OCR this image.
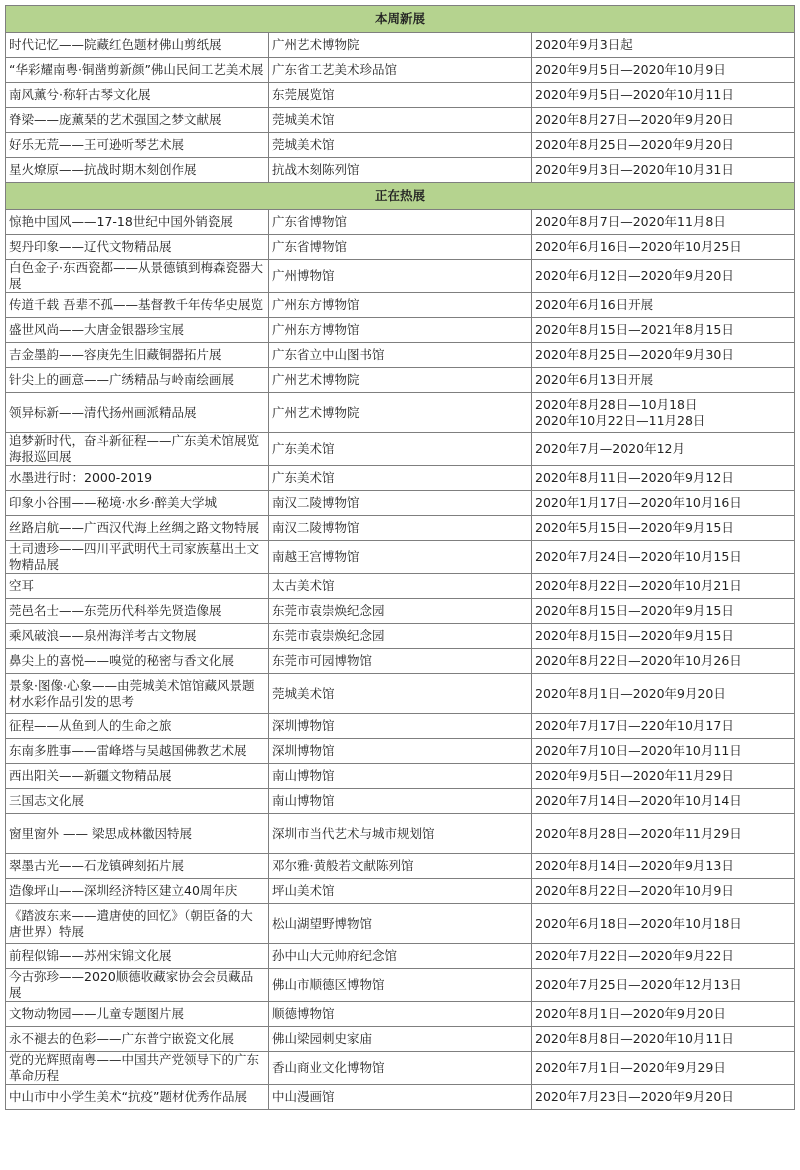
本周新展		
时代记忆——院藏红色题材佛山剪纸展	广州艺术博物院	2020年9月3日起

“华彩耀南粤·铜凿剪新颜”佛山民间工艺美术展	广东省工艺美术珍品馆	2020年9月5日—2020年10月9日

南风薰兮·称轩古琴文化展	东莞展览馆	2020年9月5日—2020年10月11日

脊梁——庞薰琹的艺术强国之梦文献展	莞城美术馆	2020年8月27日—2020年9月20日

好乐无荒——王可逊听琴艺术展	莞城美术馆	2020年8月25日—2020年9月20日

星火燎原——抗战时期木刻创作展	抗战木刻陈列馆	2020年9月3日—2020年10月31日

正在热展		
惊艳中国风——17-18世纪中国外销瓷展	广东省博物馆	2020年8月7日—2020年11月8日

契丹印象——辽代文物精品展	广东省博物馆	2020年6月16日—2020年10月25日

白色金子·东西瓷都——从景德镇到梅森瓷器大展	广州博物馆	2020年6月12日—2020年9月20日

传道千载 吾辈不孤——基督教千年传华史展览	广州东方博物馆	2020年6月16日开展

盛世风尚——大唐金银器珍宝展	广州东方博物馆	2020年8月15日—2021年8月15日

吉金墨韵——容庚先生旧藏铜器拓片展	广东省立中山图书馆	2020年8月25日—2020年9月30日

针尖上的画意——广绣精品与岭南绘画展	广州艺术博物院	2020年6月13日开展

领异标新——清代扬州画派精品展	广州艺术博物院	2020年8月28日—10月18日
2020年10月22日—11月28日

追梦新时代，奋斗新征程——广东美术馆展览海报巡回展	广东美术馆	2020年7月—2020年12月

水墨进行时：2000-2019	广东美术馆	2020年8月11日—2020年9月12日

印象小谷围——秘境·水乡·醉美大学城	南汉二陵博物馆	2020年1月17日—2020年10月16日

丝路启航——广西汉代海上丝绸之路文物特展	南汉二陵博物馆	2020年5月15日—2020年9月15日

土司遗珍——四川平武明代土司家族墓出土文物精品展	南越王宫博物馆	2020年7月24日—2020年10月15日

空耳	太古美术馆	2020年8月22日—2020年10月21日

莞邑名士——东莞历代科举先贤造像展	东莞市袁崇焕纪念园	2020年8月15日—2020年9月15日

乘风破浪——泉州海洋考古文物展	东莞市袁崇焕纪念园	2020年8月15日—2020年9月15日

鼻尖上的喜悦——嗅觉的秘密与香文化展	东莞市可园博物馆	2020年8月22日—2020年10月26日

景象·图像·心象——由莞城美术馆馆藏风景题材水彩作品引发的思考	莞城美术馆	2020年8月1日—2020年9月20日

征程——从鱼到人的生命之旅	深圳博物馆	2020年7月17日—220年10月17日

东南多胜事——雷峰塔与吴越国佛教艺术展	深圳博物馆	2020年7月10日—2020年10月11日

西出阳关——新疆文物精品展	南山博物馆	2020年9月5日—2020年11月29日

三国志文化展	南山博物馆	2020年7月14日—2020年10月14日

窗里窗外 —— 梁思成林徽因特展	深圳市当代艺术与城市规划馆	2020年8月28日—2020年11月29日

翠墨古光——石龙镇碑刻拓片展	邓尔雅·黄般若文献陈列馆	2020年8月14日—2020年9月13日

造像坪山——深圳经济特区建立40周年庆	坪山美术馆	2020年8月22日—2020年10月9日

《踏波东来——遣唐使的回忆》（朝臣备的大唐世界）特展	松山湖望野博物馆	2020年6月18日—2020年10月18日

前程似锦——苏州宋锦文化展	孙中山大元帅府纪念馆	2020年7月22日—2020年9月22日

今古弥珍——2020顺德收藏家协会会员藏品展	佛山市顺德区博物馆	2020年7月25日—2020年12月13日

文物动物园——儿童专题图片展	顺德博物馆	2020年8月1日—2020年9月20日

永不褪去的色彩——广东普宁嵌瓷文化展	佛山梁园刺史家庙	2020年8月8日—2020年10月11日

党的光辉照南粤——中国共产党领导下的广东革命历程	香山商业文化博物馆	2020年7月1日—2020年9月29日

中山市中小学生美术“抗疫”题材优秀作品展	中山漫画馆	2020年7月23日—2020年9月20日
